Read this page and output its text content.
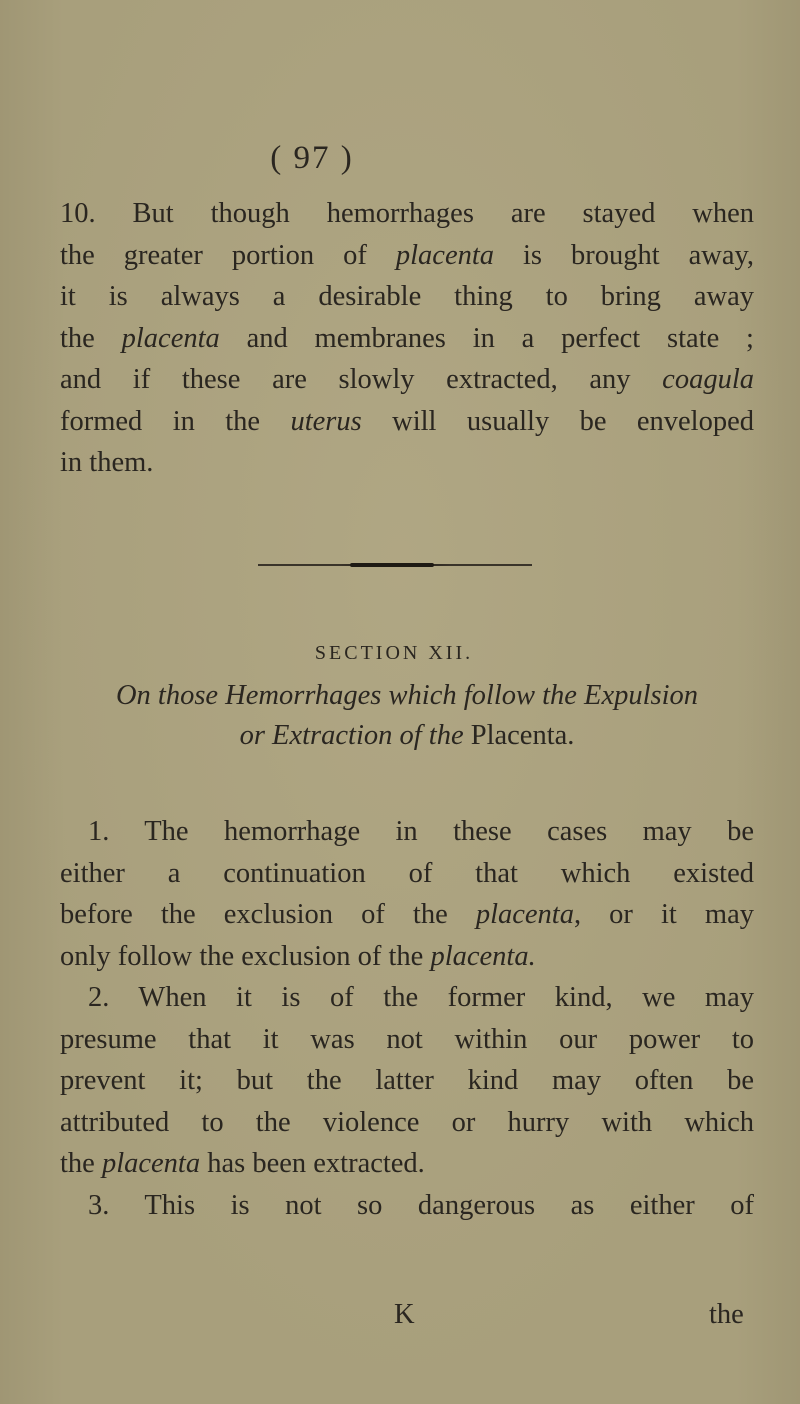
( 97 )
10. But though hemorrhages are stayed when
the greater portion of placenta is brought away,
it is always a desirable thing to bring away
the placenta and membranes in a perfect state ;
and if these are slowly extracted, any coagula
formed in the uterus will usually be enveloped
in them.
SECTION XII.
On those Hemorrhages which follow the Expulsion
or Extraction of the Placenta.
1. The hemorrhage in these cases may be
either a continuation of that which existed
before the exclusion of the placenta, or it may
only follow the exclusion of the placenta.
2. When it is of the former kind, we may
presume that it was not within our power to
prevent it; but the latter kind may often be
attributed to the violence or hurry with which
the placenta has been extracted.
3. This is not so dangerous as either of
K	the
